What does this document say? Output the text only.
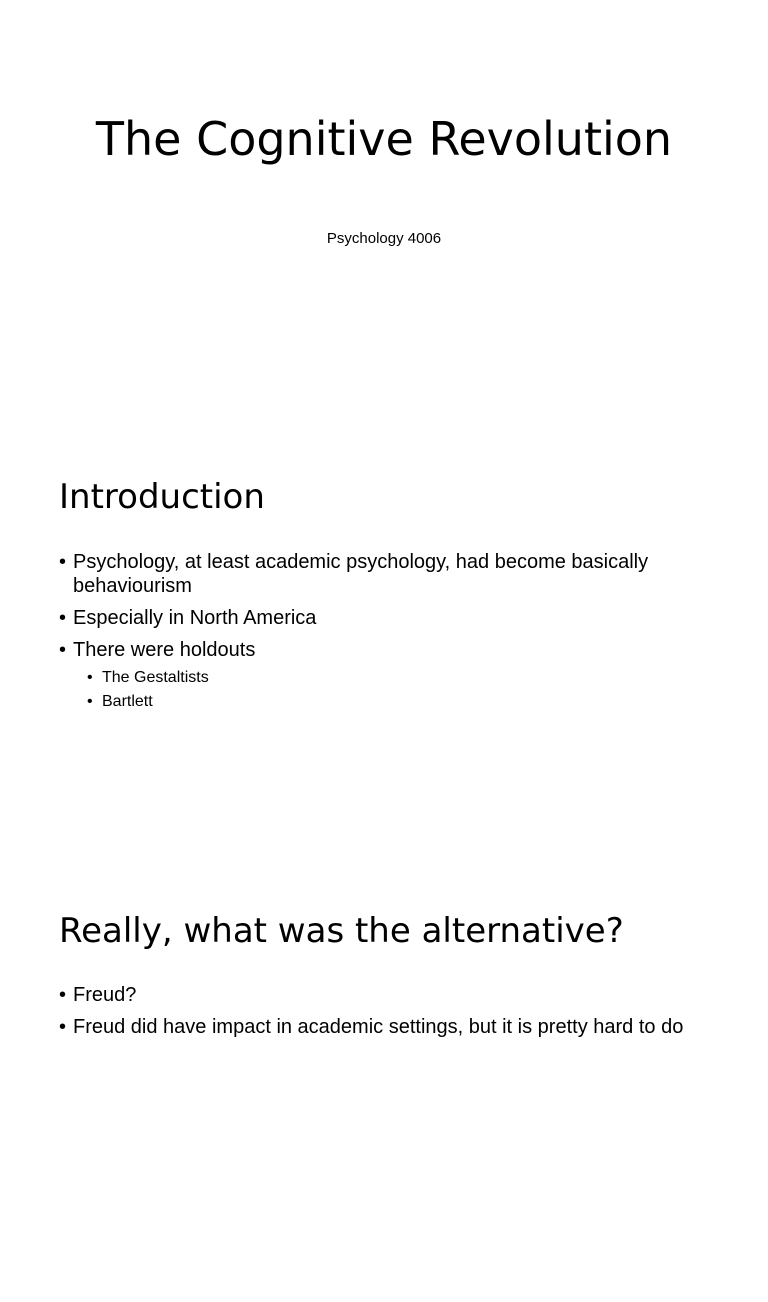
The Cognitive Revolution

Psychology 4006

Introduction
• Psychology, at least academic psychology, had become basically behaviourism
• Especially in North America
• There were holdouts
• The Gestaltists
• Bartlett
Really, what was the alternative?
• Freud?
• Freud did have impact in academic settings, but it is pretty hard to do
